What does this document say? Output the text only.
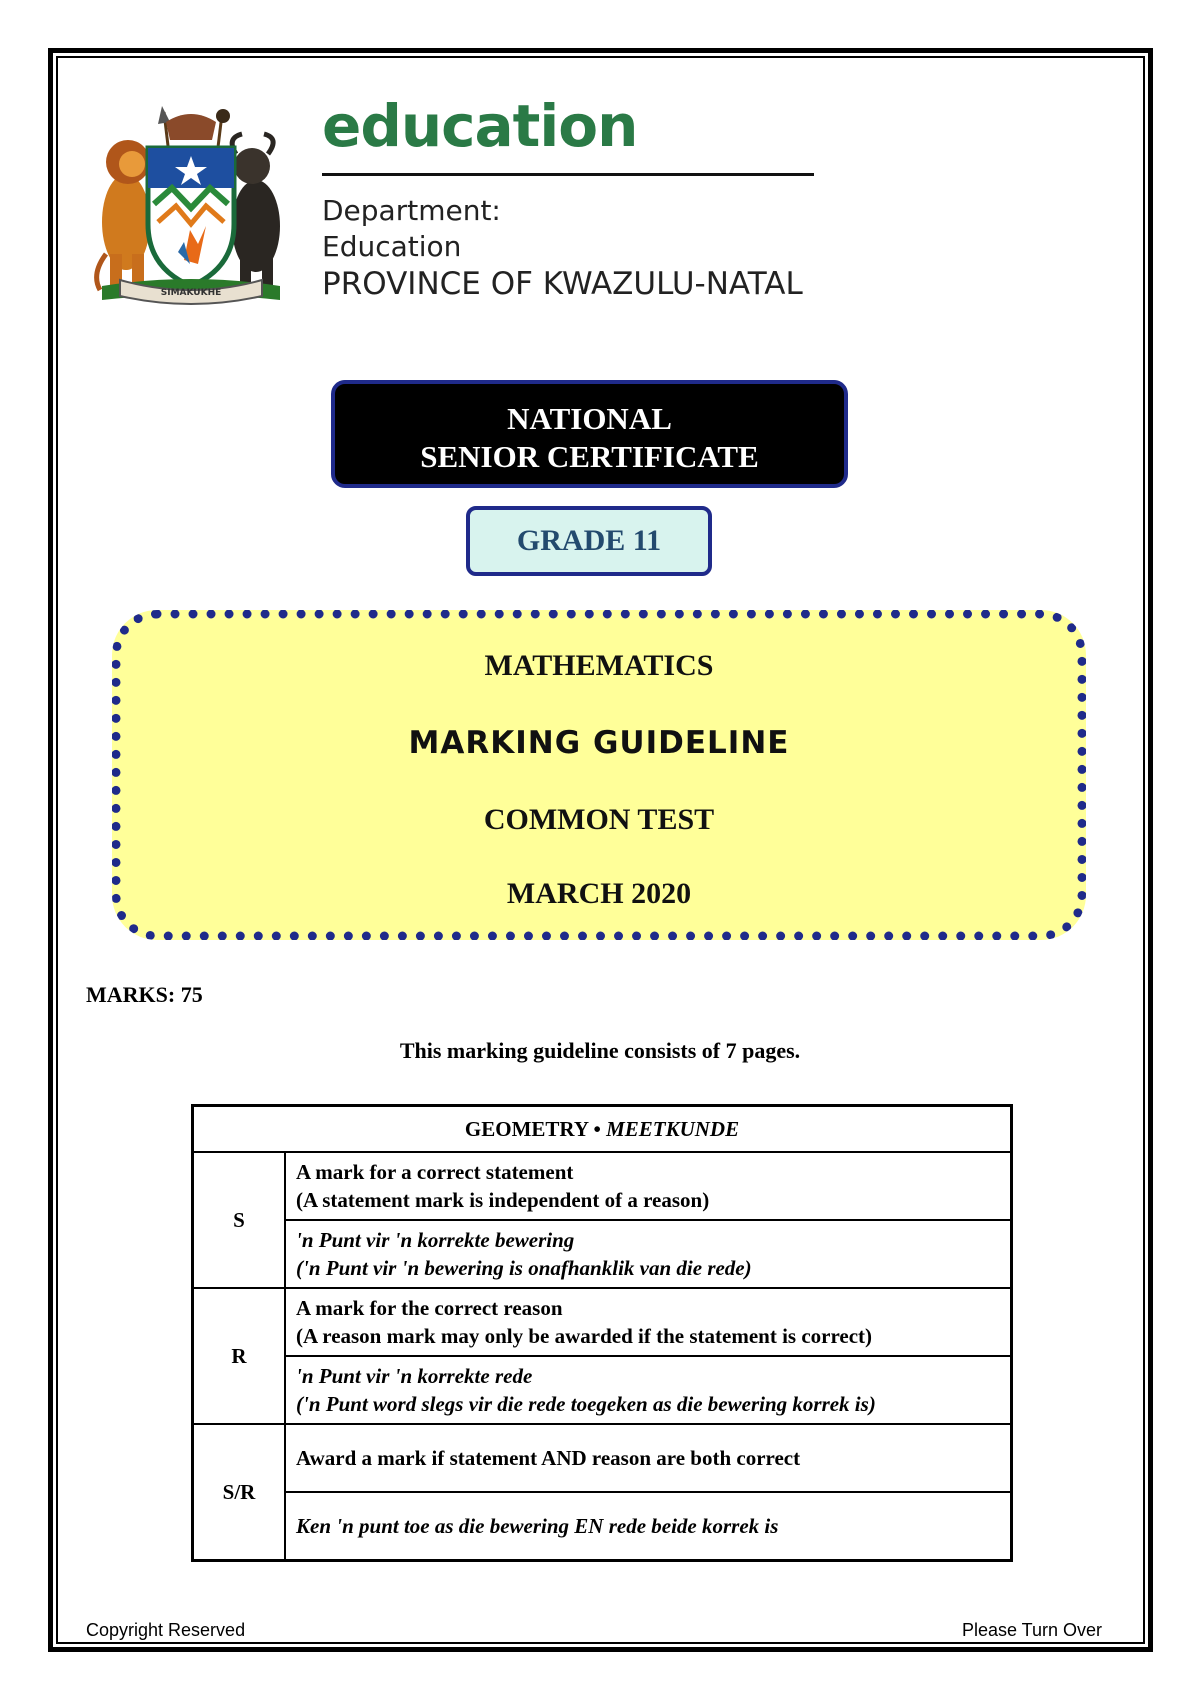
SIMAKUKHE
education
Department:
Education
PROVINCE OF KWAZULU-NATAL
NATIONAL
SENIOR CERTIFICATE
GRADE 11
MATHEMATICS
MARKING GUIDELINE
COMMON TEST
MARCH 2020
MARKS: 75
This marking guideline consists of 7 pages.
GEOMETRY • MEETKUNDE	
S	A mark for a correct statement
(A statement mark is independent of a reason)

	'n Punt vir 'n korrekte bewering
('n Punt vir 'n bewering is onafhanklik van die rede)

R	A mark for the correct reason
(A reason mark may only be awarded if the statement is correct)

	'n Punt vir 'n korrekte rede
('n Punt word slegs vir die rede toegeken as die bewering korrek is)

S/R	Award a mark if statement AND reason are both correct

	Ken 'n punt toe as die bewering EN rede beide korrek is
Copyright Reserved	Please Turn Over
